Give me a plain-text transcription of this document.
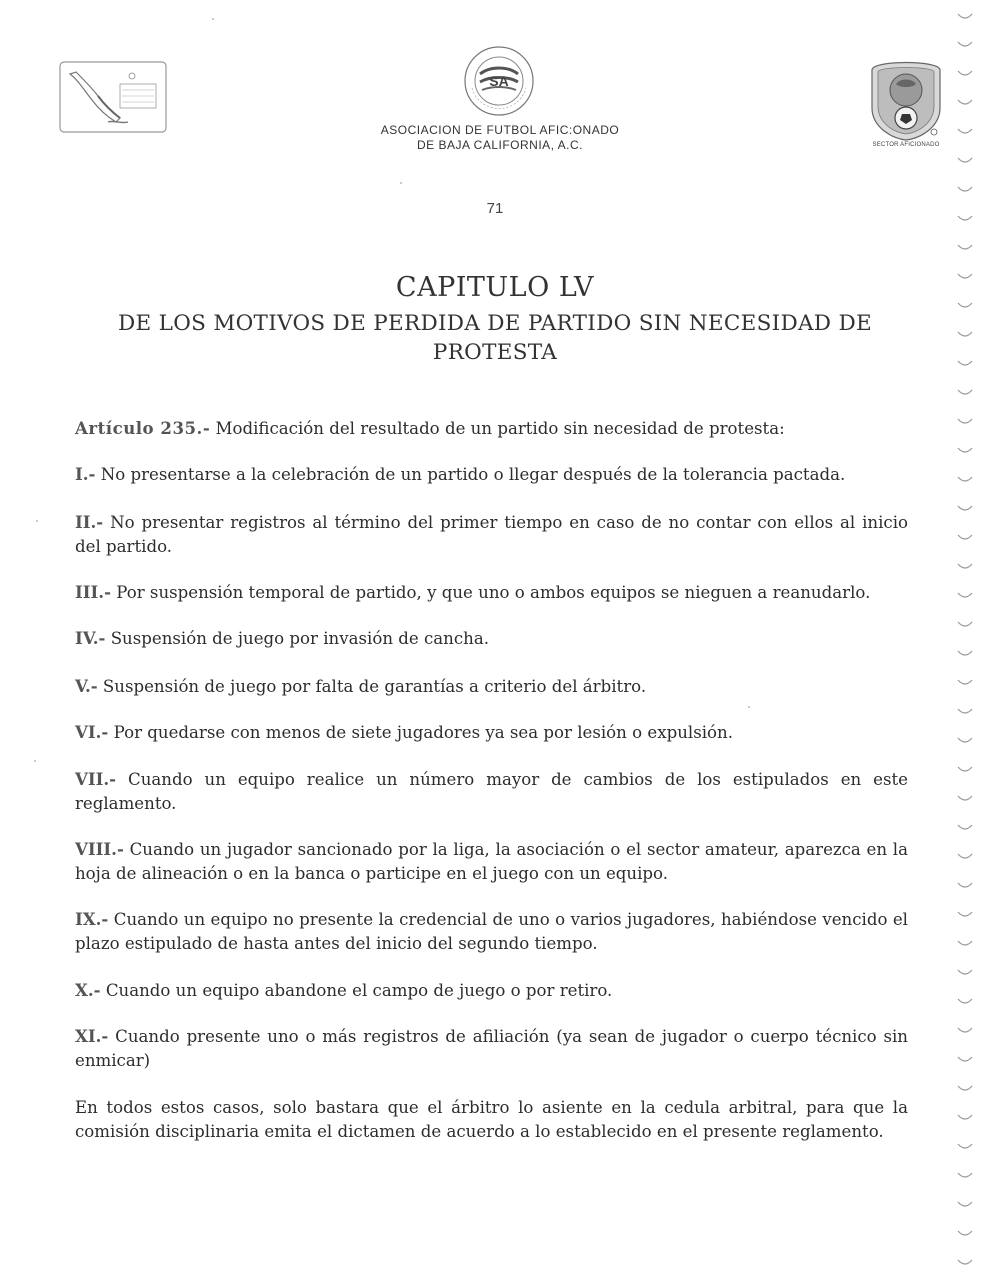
SA
ASOCIACION DE FUTBOL AFIC:ONADO
DE BAJA CALIFORNIA, A.C.	SECTOR AFICIONADO
71
CAPITULO LV
DE LOS MOTIVOS DE PERDIDA DE PARTIDO SIN NECESIDAD DE PROTESTA
Artículo 235.- Modificación del resultado de un partido sin necesidad de protesta:
I.- No presentarse a la celebración de un partido o llegar después de la tolerancia pactada.
II.- No presentar registros al término del primer tiempo en caso de no contar con ellos al inicio del partido.
III.- Por suspensión temporal de partido, y que uno o ambos equipos se nieguen a reanudarlo.
IV.- Suspensión de juego por invasión de cancha.
V.- Suspensión de juego por falta de garantías a criterio del árbitro.
VI.- Por quedarse con menos de siete jugadores ya sea por lesión o expulsión.
VII.- Cuando un equipo realice un número mayor de cambios de los estipulados en este reglamento.
VIII.- Cuando un jugador sancionado por la liga, la asociación o el sector amateur, aparezca en la hoja de alineación o en la banca o participe en el juego con un equipo.
IX.- Cuando un equipo no presente la credencial de uno o varios jugadores, habiéndose vencido el plazo estipulado de hasta antes del inicio del segundo tiempo.
X.- Cuando un equipo abandone el campo de juego o por retiro.
XI.- Cuando presente uno o más registros de afiliación (ya sean de jugador o cuerpo técnico sin enmicar)
En todos estos casos, solo bastara que el árbitro lo asiente en la cedula arbitral, para que la comisión disciplinaria emita el dictamen de acuerdo a lo establecido en el presente reglamento.
